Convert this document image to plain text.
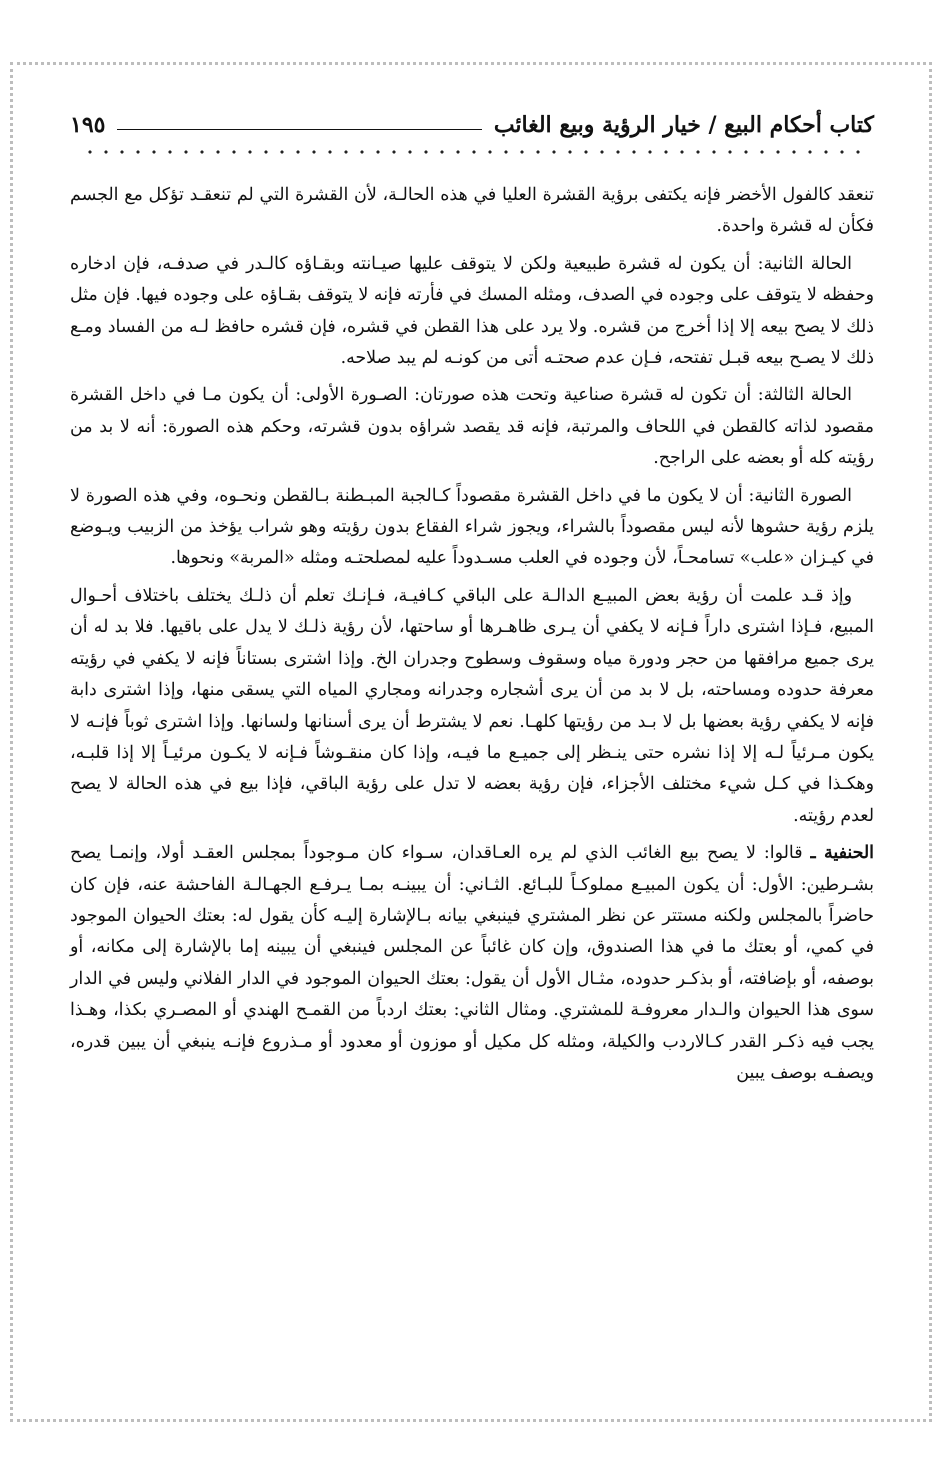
كتاب أحكام البيع / خيار الرؤية وبيع الغائب
١٩٥

تنعقد كالفول الأخضر فإنه يكتفى برؤية القشرة العليا في هذه الحالـة، لأن القشرة التي لم تنعقـد تؤكل مع الجسم فكأن له قشرة واحدة.

الحالة الثانية: أن يكون له قشرة طبيعية ولكن لا يتوقف عليها صيـانته وبقـاؤه كالـدر في صدفـه، فإن ادخاره وحفظه لا يتوقف على وجوده في الصدف، ومثله المسك في فأرته فإنه لا يتوقف بقـاؤه على وجوده فيها. فإن مثل ذلك لا يصح بيعه إلا إذا أخرج من قشره. ولا يرد على هذا القطن في قشره، فإن قشره حافظ لـه من الفساد ومـع ذلك لا يصـح بيعه قبـل تفتحه، فـإن عدم صحتـه أتى من كونـه لم يبد صلاحه.

الحالة الثالثة: أن تكون له قشرة صناعية وتحت هذه صورتان: الصـورة الأولى: أن يكون مـا في داخل القشرة مقصود لذاته كالقطن في اللحاف والمرتبة، فإنه قد يقصد شراؤه بدون قشرته، وحكم هذه الصورة: أنه لا بد من رؤيته كله أو بعضه على الراجح.

الصورة الثانية: أن لا يكون ما في داخل القشرة مقصوداً كـالجبة المبـطنة بـالقطن ونحـوه، وفي هذه الصورة لا يلزم رؤية حشوها لأنه ليس مقصوداً بالشراء، ويجوز شراء الفقاع بدون رؤيته وهو شراب يؤخذ من الزبيب ويـوضع في كيـزان «علب» تسامحـاً، لأن وجوده في العلب مسـدوداً عليه لمصلحتـه ومثله «المربة» ونحوها.

وإذ قـد علمت أن رؤية بعض المبيـع الدالـة على الباقي كـافيـة، فـإنـك تعلم أن ذلـك يختلف باختلاف أحـوال المبيع، فـإذا اشترى داراً فـإنه لا يكفي أن يـرى ظاهـرها أو ساحتها، لأن رؤية ذلـك لا يدل على باقيها. فلا بد له أن يرى جميع مرافقها من حجر ودورة مياه وسقوف وسطوح وجدران الخ. وإذا اشترى بستاناً فإنه لا يكفي في رؤيته معرفة حدوده ومساحته، بل لا بد من أن يرى أشجاره وجدرانه ومجاري المياه التي يسقى منها، وإذا اشترى دابة فإنه لا يكفي رؤية بعضها بل لا بـد من رؤيتها كلهـا. نعم لا يشترط أن يرى أسنانها ولسانها. وإذا اشترى ثوباً فإنـه لا يكون مـرئياً لـه إلا إذا نشره حتى ينـظر إلى جميـع ما فيـه، وإذا كان منقـوشاً فـإنه لا يكـون مرئيـاً إلا إذا قلبـه، وهكـذا في كـل شيء مختلف الأجزاء، فإن رؤية بعضه لا تدل على رؤية الباقي، فإذا بيع في هذه الحالة لا يصح لعدم رؤيته.

الحنفية ـ قالوا: لا يصح بيع الغائب الذي لم يره العـاقدان، سـواء كان مـوجوداً بمجلس العقـد أولا، وإنمـا يصح بشـرطين: الأول: أن يكون المبيـع مملوكـاً للبـائع. الثـاني: أن يبينـه بمـا يـرفـع الجهـالـة الفاحشة عنه، فإن كان حاضراً بالمجلس ولكنه مستتر عن نظر المشتري فينبغي بيانه بـالإشارة إليـه كأن يقول له: بعتك الحيوان الموجود في كمي، أو بعتك ما في هذا الصندوق، وإن كان غائباً عن المجلس فينبغي أن يبينه إما بالإشارة إلى مكانه، أو بوصفه، أو بإضافته، أو بذكـر حدوده، مثـال الأول أن يقول: بعتك الحيوان الموجود في الدار الفلاني وليس في الدار سوى هذا الحيوان والـدار معروفـة للمشتري. ومثال الثاني: بعتك اردباً من القمـح الهندي أو المصـري بكذا، وهـذا يجب فيه ذكـر القدر كـالاردب والكيلة، ومثله كل مكيل أو موزون أو معدود أو مـذروع فإنـه ينبغي أن يبين قدره، ويصفـه بوصف يبين
